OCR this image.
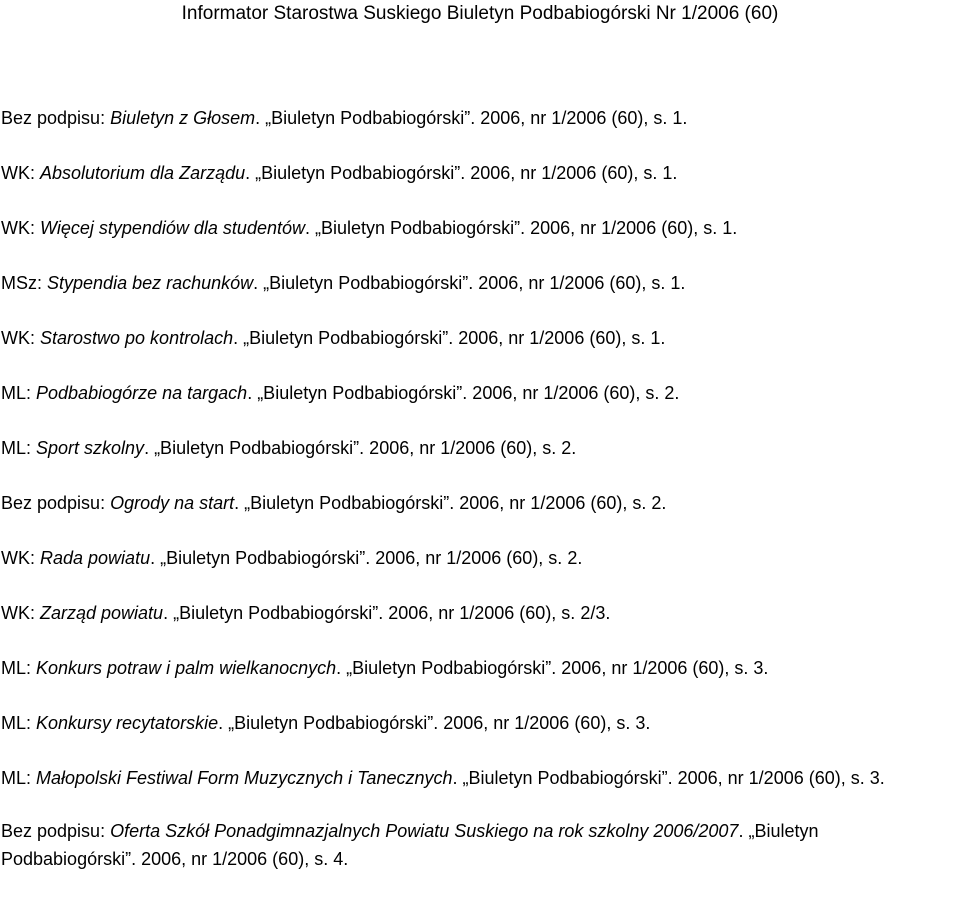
Informator Starostwa Suskiego Biuletyn Podbabiogórski Nr 1/2006 (60)
Bez podpisu: Biuletyn z Głosem. „Biuletyn Podbabiogórski”. 2006, nr 1/2006 (60), s. 1.
WK: Absolutorium dla Zarządu. „Biuletyn Podbabiogórski”. 2006, nr 1/2006 (60), s. 1.
WK: Więcej stypendiów dla studentów. „Biuletyn Podbabiogórski”. 2006, nr 1/2006 (60), s. 1.
MSz: Stypendia bez rachunków. „Biuletyn Podbabiogórski”. 2006, nr 1/2006 (60), s. 1.
WK: Starostwo po kontrolach. „Biuletyn Podbabiogórski”. 2006, nr 1/2006 (60), s. 1.
ML: Podbabiogórze na targach. „Biuletyn Podbabiogórski”. 2006, nr 1/2006 (60), s. 2.
ML: Sport szkolny. „Biuletyn Podbabiogórski”. 2006, nr 1/2006 (60), s. 2.
Bez podpisu: Ogrody na start. „Biuletyn Podbabiogórski”. 2006, nr 1/2006 (60), s. 2.
WK: Rada powiatu. „Biuletyn Podbabiogórski”. 2006, nr 1/2006 (60), s. 2.
WK: Zarząd powiatu. „Biuletyn Podbabiogórski”. 2006, nr 1/2006 (60), s. 2/3.
ML: Konkurs potraw i palm wielkanocnych. „Biuletyn Podbabiogórski”. 2006, nr 1/2006 (60), s. 3.
ML: Konkursy recytatorskie. „Biuletyn Podbabiogórski”. 2006, nr 1/2006 (60), s. 3.
ML: Małopolski Festiwal Form Muzycznych i Tanecznych. „Biuletyn Podbabiogórski”. 2006, nr 1/2006 (60), s. 3.
Bez podpisu: Oferta Szkół Ponadgimnazjalnych Powiatu Suskiego na rok szkolny 2006/2007. „Biuletyn Podbabiogórski”. 2006, nr 1/2006 (60), s. 4.
